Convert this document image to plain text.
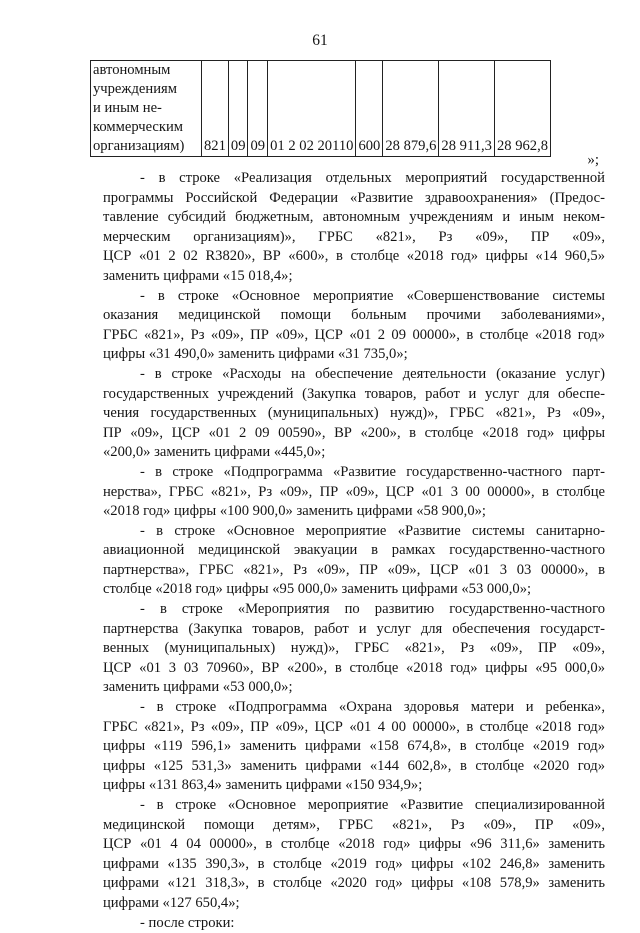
61
автономным
учреждениям
и иным не-
коммерческим
организациям)	821	09	09	01 2 02 20110	600	28 879,6	28 911,3	28 962,8
»;
- в строке «Реализация отдельных мероприятий государственной
программы Российской Федерации «Развитие здравоохранения» (Предос-
тавление субсидий бюджетным, автономным учреждениям и иным неком-
мерческим организациям)», ГРБС «821», Рз «09», ПР «09»,
ЦСР «01 2 02 R3820», ВР «600», в столбце «2018 год» цифры «14 960,5»
заменить цифрами «15 018,4»;
- в строке «Основное мероприятие «Совершенствование системы
оказания медицинской помощи больным прочими заболеваниями»,
ГРБС «821», Рз «09», ПР «09», ЦСР «01 2 09 00000», в столбце «2018 год»
цифры «31 490,0» заменить цифрами «31 735,0»;
- в строке «Расходы на обеспечение деятельности (оказание услуг)
государственных учреждений (Закупка товаров, работ и услуг для обеспе-
чения государственных (муниципальных) нужд)», ГРБС «821», Рз «09»,
ПР «09», ЦСР «01 2 09 00590», ВР «200», в столбце «2018 год» цифры
«200,0» заменить цифрами «445,0»;
- в строке «Подпрограмма «Развитие государственно-частного парт-
нерства», ГРБС «821», Рз «09», ПР «09», ЦСР «01 3 00 00000», в столбце
«2018 год» цифры «100 900,0» заменить цифрами «58 900,0»;
- в строке «Основное мероприятие «Развитие системы санитарно-
авиационной медицинской эвакуации в рамках государственно-частного
партнерства», ГРБС «821», Рз «09», ПР «09», ЦСР «01 3 03 00000», в
столбце «2018 год» цифры «95 000,0» заменить цифрами «53 000,0»;
- в строке «Мероприятия по развитию государственно-частного
партнерства (Закупка товаров, работ и услуг для обеспечения государст-
венных (муниципальных) нужд)», ГРБС «821», Рз «09», ПР «09»,
ЦСР «01 3 03 70960», ВР «200», в столбце «2018 год» цифры «95 000,0»
заменить цифрами «53 000,0»;
- в строке «Подпрограмма «Охрана здоровья матери и ребенка»,
ГРБС «821», Рз «09», ПР «09», ЦСР «01 4 00 00000», в столбце «2018 год»
цифры «119 596,1» заменить цифрами «158 674,8», в столбце «2019 год»
цифры «125 531,3» заменить цифрами «144 602,8», в столбце «2020 год»
цифры «131 863,4» заменить цифрами «150 934,9»;
- в строке «Основное мероприятие «Развитие специализированной
медицинской помощи детям», ГРБС «821», Рз «09», ПР «09»,
ЦСР «01 4 04 00000», в столбце «2018 год» цифры «96 311,6» заменить
цифрами «135 390,3», в столбце «2019 год» цифры «102 246,8» заменить
цифрами «121 318,3», в столбце «2020 год» цифры «108 578,9» заменить
цифрами «127 650,4»;
- после строки:
